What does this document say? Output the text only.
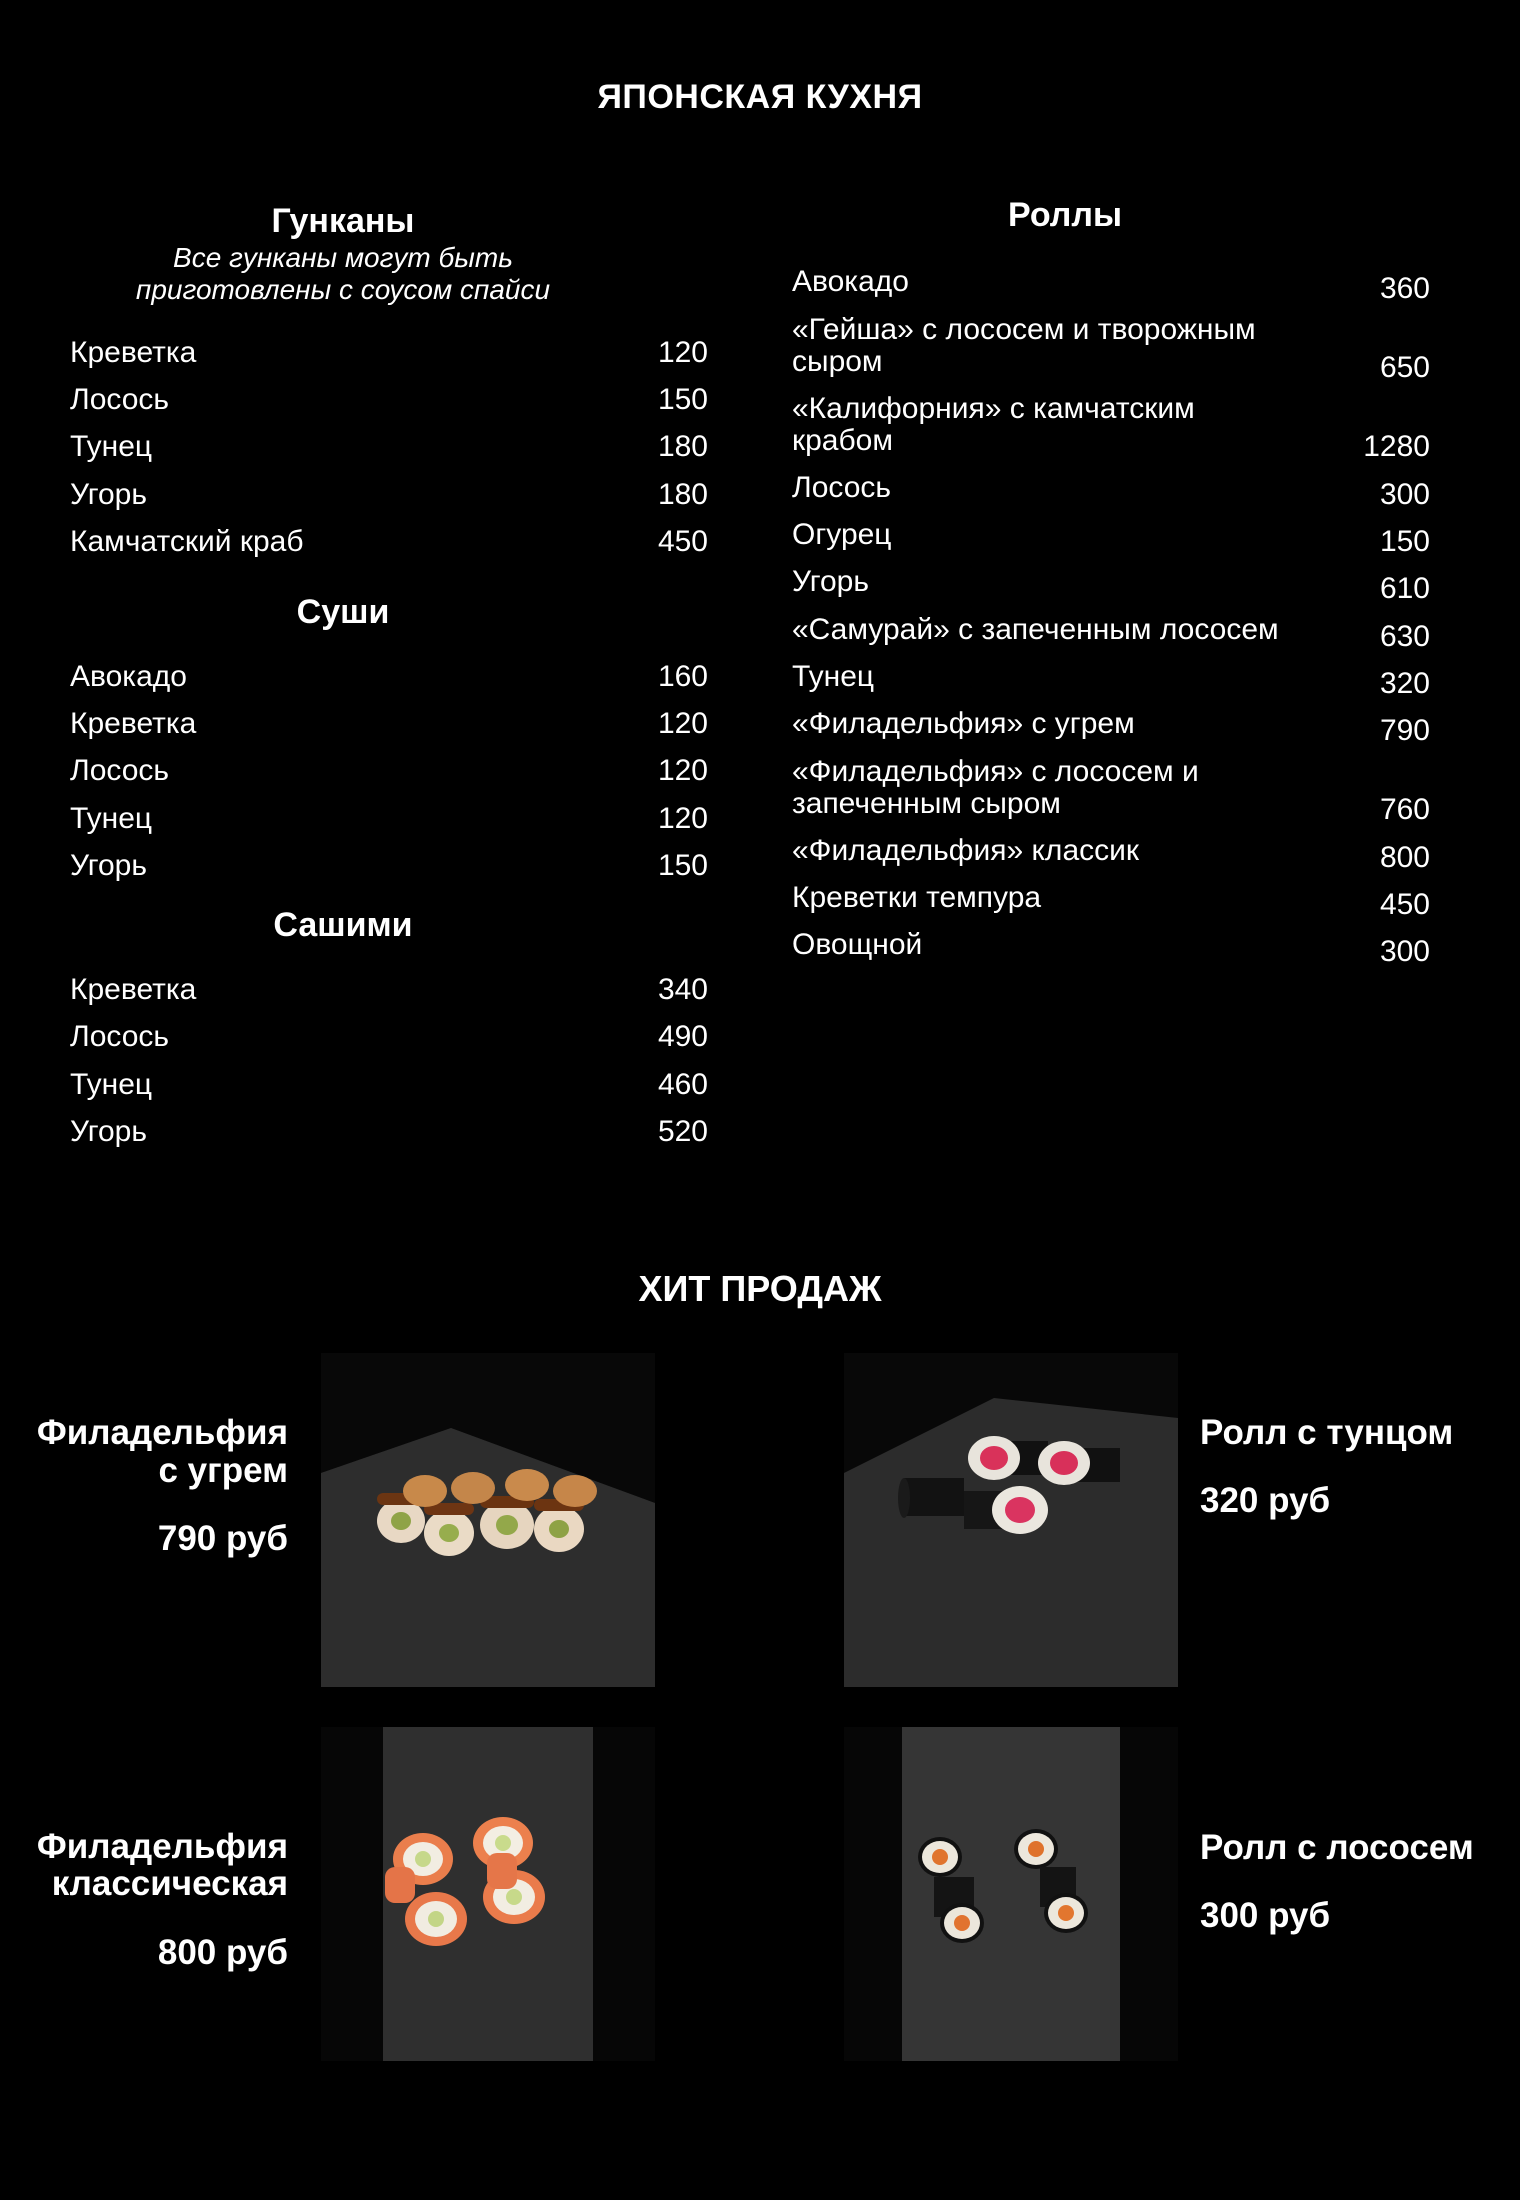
ЯПОНСКАЯ КУХНЯ
Гунканы
Все гунканы могут быть
приготовлены с соусом спайси
Креветка	120
Лосось	150
Тунец	180
Угорь	180
Камчатский краб	450
Суши
Авокадо	160
Креветка	120
Лосось	120
Тунец	120
Угорь	150
Сашими
Креветка	340
Лосось	490
Тунец	460
Угорь	520
Роллы
Авокадо	360
«Гейша» с лососем и творожным
сыром	650
«Калифорния» с камчатским
крабом	1280
Лосось	300
Огурец	150
Угорь	610
«Самурай» с запеченным лососем	630
Тунец	320
«Филадельфия» с угрем	790
«Филадельфия» с лососем и
запеченным сыром	760
«Филадельфия» классик	800
Креветки темпура	450
Овощной	300
ХИТ ПРОДАЖ
Филадельфия
с угрем
790 руб
Ролл с тунцом
320 руб
Филадельфия
классическая
800 руб
Ролл с лососем
300 руб
